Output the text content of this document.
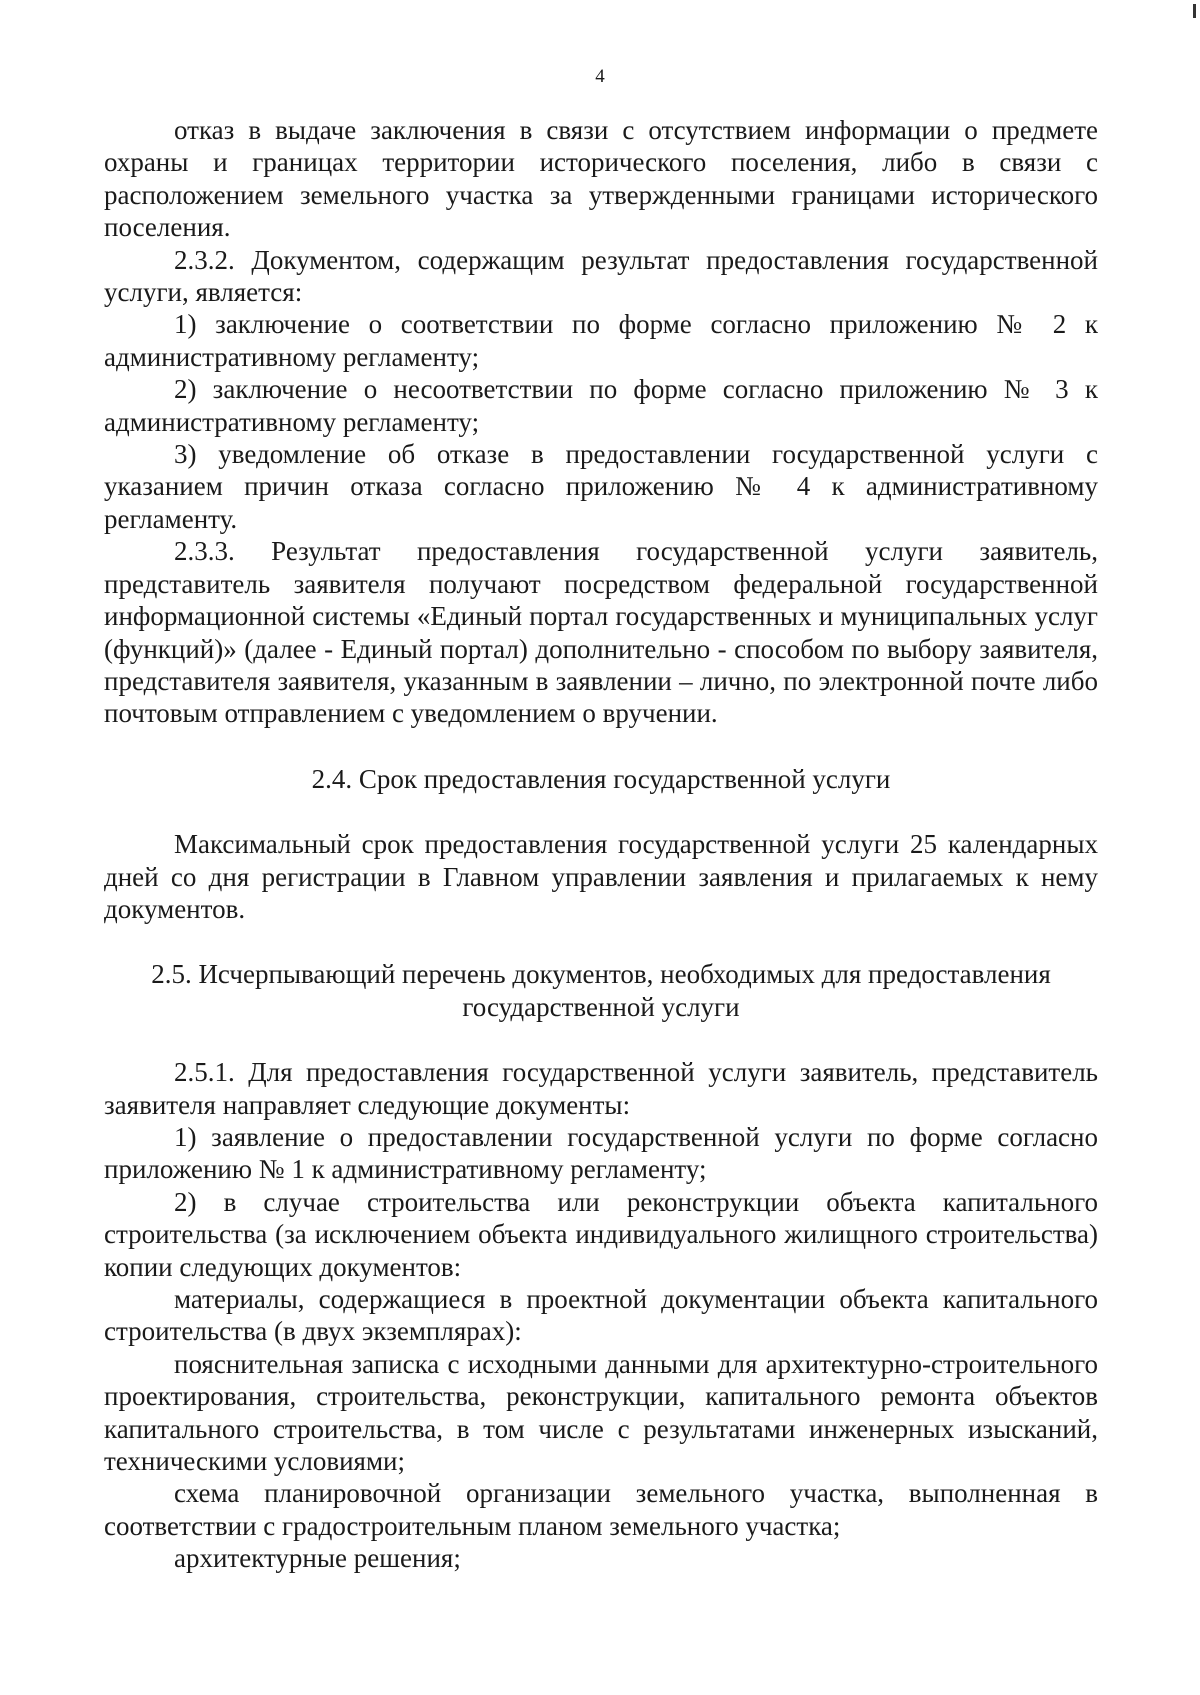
4

отказ в выдаче заключения в связи с отсутствием информации о предмете охраны и границах территории исторического поселения, либо в связи с расположением земельного участка за утвержденными границами исторического поселения.

2.3.2. Документом, содержащим результат предоставления государственной услуги, является:

1) заключение о соответствии по форме согласно приложению № 2 к административному регламенту;

2) заключение о несоответствии по форме согласно приложению № 3 к административному регламенту;

3) уведомление об отказе в предоставлении государственной услуги с указанием причин отказа согласно приложению № 4 к административному регламенту.

2.3.3. Результат предоставления государственной услуги заявитель, представитель заявителя получают посредством федеральной государственной информационной системы «Единый портал государственных и муниципальных услуг (функций)» (далее - Единый портал) дополнительно - способом по выбору заявителя, представителя заявителя, указанным в заявлении – лично, по электронной почте либо почтовым отправлением с уведомлением о вручении.

2.4. Срок предоставления государственной услуги

Максимальный срок предоставления государственной услуги 25 календарных дней со дня регистрации в Главном управлении заявления и прилагаемых к нему документов.

2.5. Исчерпывающий перечень документов, необходимых для предоставления

государственной услуги

2.5.1. Для предоставления государственной услуги заявитель, представитель заявителя направляет следующие документы:

1) заявление о предоставлении государственной услуги по форме согласно приложению № 1 к административному регламенту;

2) в случае строительства или реконструкции объекта капитального строительства (за исключением объекта индивидуального жилищного строительства) копии следующих документов:

материалы, содержащиеся в проектной документации объекта капитального строительства (в двух экземплярах):

пояснительная записка с исходными данными для архитектурно-строительного проектирования, строительства, реконструкции, капитального ремонта объектов капитального строительства, в том числе с результатами инженерных изысканий, техническими условиями;

схема планировочной организации земельного участка, выполненная в соответствии с градостроительным планом земельного участка;

архитектурные решения;
